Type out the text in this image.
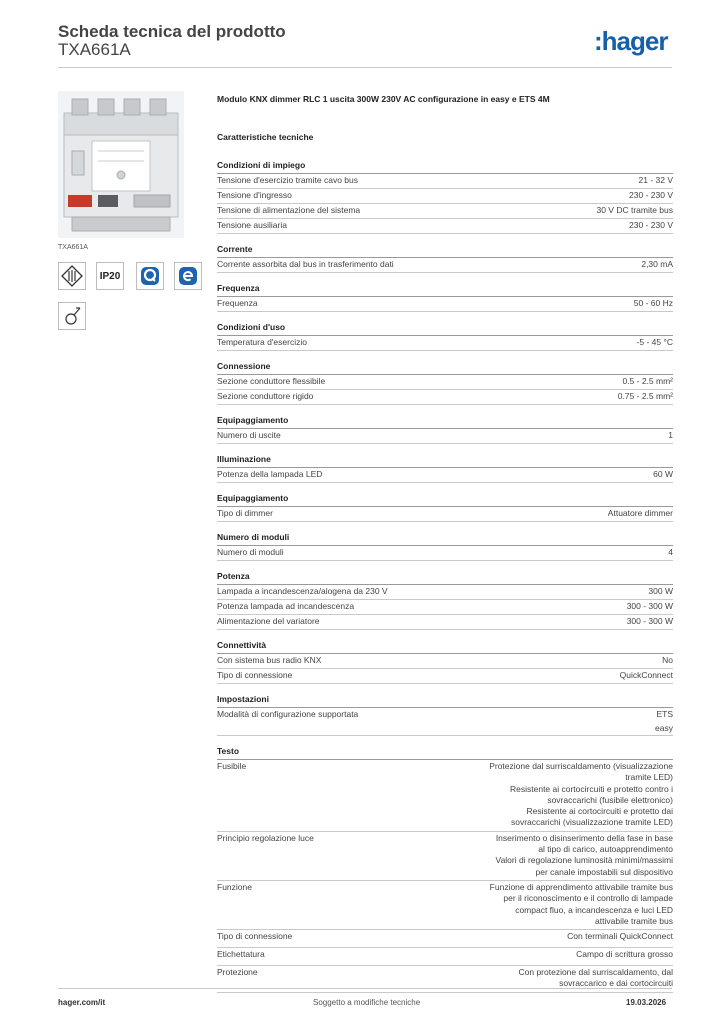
Scheda tecnica del prodotto
TXA661A	:hager
TXA661A
IP20
Modulo KNX dimmer RLC 1 uscita 300W 230V AC configurazione in easy e ETS 4M
Caratteristiche tecniche
Condizioni di impiego
Tensione d'esercizio tramite cavo bus	21 - 32 V
Tensione d'ingresso	230 - 230 V
Tensione di alimentazione del sistema	30 V DC tramite bus
Tensione ausiliaria	230 - 230 V
Corrente
Corrente assorbita dal bus in trasferimento dati	2,30 mA
Frequenza
Frequenza	50 - 60 Hz
Condizioni d'uso
Temperatura d'esercizio	-5 - 45 °C
Connessione
Sezione conduttore flessibile	0.5 - 2.5 mm²
Sezione conduttore rigido	0.75 - 2.5 mm²
Equipaggiamento
Numero di uscite	1
Illuminazione
Potenza della lampada LED	60 W
Equipaggiamento
Tipo di dimmer	Attuatore dimmer
Numero di moduli
Numero di moduli	4
Potenza
Lampada a incandescenza/alogena da 230 V	300 W
Potenza lampada ad incandescenza	300 - 300 W
Alimentazione del variatore	300 - 300 W
Connettività
Con sistema bus radio KNX	No
Tipo di connessione	QuickConnect
Impostazioni
Modalità di configurazione supportata	ETS
easy
Testo
Fusibile	Protezione dal surriscaldamento (visualizzazione tramite LED)
Resistente ai cortocircuiti e protetto contro i sovraccarichi (fusibile elettronico)
Resistente ai cortocircuiti e protetto dai sovraccarichi (visualizzazione tramite LED)
Principio regolazione luce	Inserimento o disinserimento della fase in base al tipo di carico, autoapprendimento
Valori di regolazione luminosità minimi/massimi per canale impostabili sul dispositivo
Funzione	Funzione di apprendimento attivabile tramite bus per il riconoscimento e il controllo di lampade compact fluo, a incandescenza e luci LED attivabile tramite bus
Tipo di connessione	Con terminali QuickConnect
Etichettatura	Campo di scrittura grosso
Protezione	Con protezione dal surriscaldamento, dal sovraccarico e dai cortocircuiti
hager.com/it	Soggetto a modifiche tecniche	19.03.2026
